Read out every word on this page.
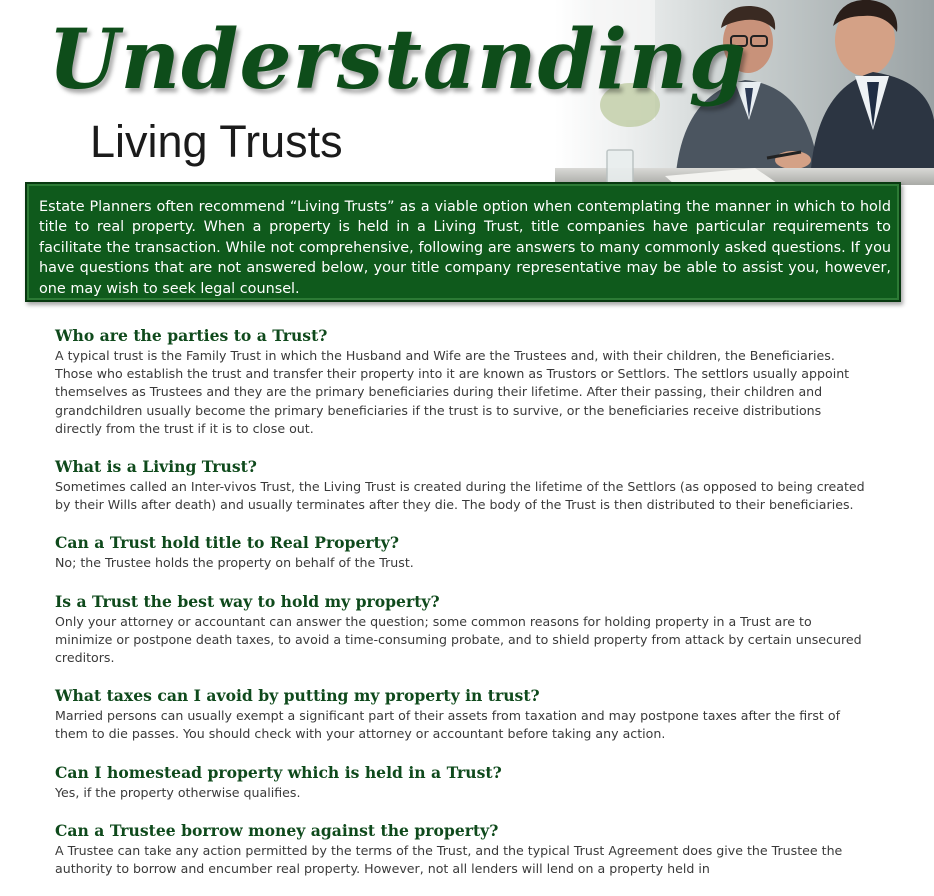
Understanding
Living Trusts

Estate Planners often recommend “Living Trusts” as a viable option when contemplating the manner in which to hold title to real property. When a property is held in a Living Trust, title companies have particular requirements to facilitate the transaction. While not comprehensive, following are answers to many commonly asked questions. If you have questions that are not answered below, your title company representative may be able to assist you, however, one may wish to seek legal counsel.

Who are the parties to a Trust?

A typical trust is the Family Trust in which the Husband and Wife are the Trustees and, with their children, the Beneficiaries. Those who establish the trust and transfer their property into it are known as Trustors or Settlors. The settlors usually appoint themselves as Trustees and they are the primary beneficiaries during their lifetime. After their passing, their children and grandchildren usually become the primary beneficiaries if the trust is to survive, or the beneficiaries receive distributions directly from the trust if it is to close out.

What is a Living Trust?

Sometimes called an Inter-vivos Trust, the Living Trust is created during the lifetime of the Settlors (as opposed to being created by their Wills after death) and usually terminates after they die. The body of the Trust is then distributed to their beneficiaries.

Can a Trust hold title to Real Property?

No; the Trustee holds the property on behalf of the Trust.

Is a Trust the best way to hold my property?

Only your attorney or accountant can answer the question; some common reasons for holding property in a Trust are to minimize or postpone death taxes, to avoid a time-consuming probate, and to shield property from attack by certain unsecured creditors.

What taxes can I avoid by putting my property in trust?

Married persons can usually exempt a significant part of their assets from taxation and may postpone taxes after the first of them to die passes. You should check with your attorney or accountant before taking any action.

Can I homestead property which is held in a Trust?

Yes, if the property otherwise qualifies.

Can a Trustee borrow money against the property?

A Trustee can take any action permitted by the terms of the Trust, and the typical Trust Agreement does give the Trustee the authority to borrow and encumber real property. However, not all lenders will lend on a property held in
